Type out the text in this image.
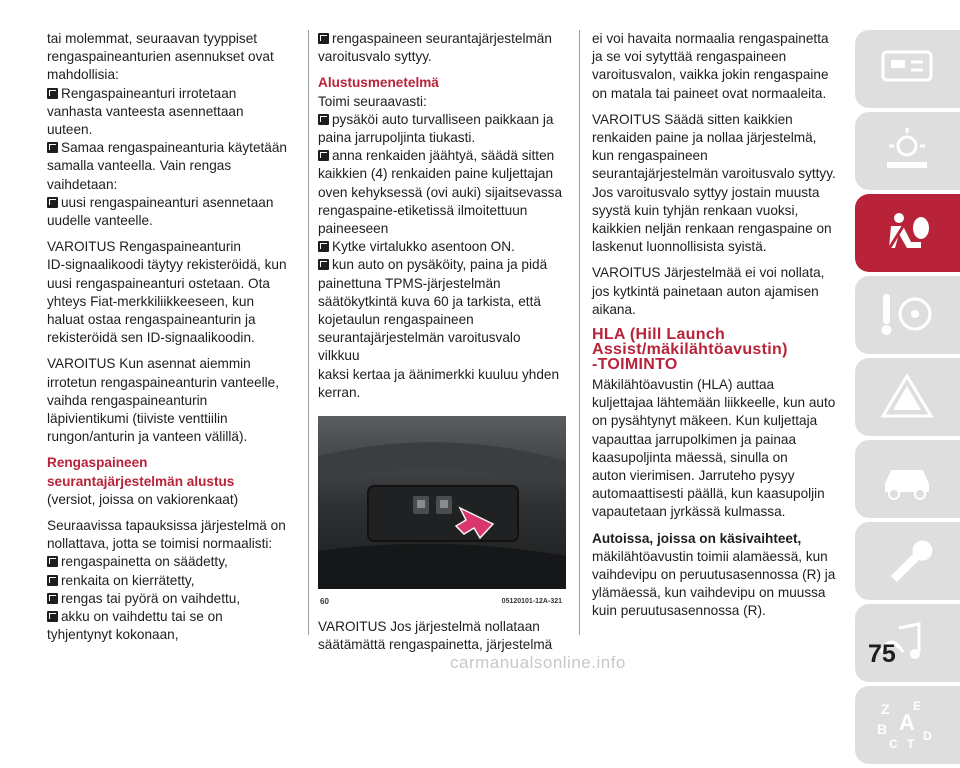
tai molemmat, seuraavan tyyppiset
rengaspaineanturien asennukset ovat
mahdollisia:

Rengaspaineanturi irrotetaan
vanhasta vanteesta asennettaan
uuteen.
Samaa rengaspaineanturia käytetään
samalla vanteella. Vain rengas
vaihdetaan:
uusi rengaspaineanturi asennetaan
uudelle vanteelle.

VAROITUS Rengaspaineanturin
ID-signaalikoodi täytyy rekisteröidä, kun
uusi rengaspaineanturi ostetaan. Ota
yhteys Fiat-merkkiliikkeeseen, kun
haluat ostaa rengaspaineanturin ja
rekisteröidä sen ID-signaalikoodin.

VAROITUS Kun asennat aiemmin
irrotetun rengaspaineanturin vanteelle,
vaihda rengaspaineanturin
läpivientikumi (tiiviste venttiilin
rungon/anturin ja vanteen välillä).

Rengaspaineen
seurantajärjestelmän alustus

(versiot, joissa on vakiorenkaat)

Seuraavissa tapauksissa järjestelmä on
nollattava, jotta se toimisi normaalisti:

rengaspainetta on säädetty,
renkaita on kierrätetty,
rengas tai pyörä on vaihdettu,
akku on vaihdettu tai se on
tyhjentynyt kokonaan,
rengaspaineen seurantajärjestelmän
varoitusvalo syttyy.
Alustusmenetelmä
Toimi seuraavasti:
pysäköi auto turvalliseen paikkaan ja
paina jarrupoljinta tiukasti.
anna renkaiden jäähtyä, säädä sitten
kaikkien (4) renkaiden paine kuljettajan
oven kehyksessä (ovi auki) sijaitsevassa
rengaspaine-etiketissä ilmoitettuun
paineeseen
Kytke virtalukko asentoon ON.
kun auto on pysäköity, paina ja pidä
painettuna TPMS-järjestelmän
säätökytkintä kuva 60 ja tarkista, että
kojetaulun rengaspaineen
seurantajärjestelmän varoitusvalo vilkkuu
kaksi kertaa ja äänimerkki kuuluu yhden
kerran.
60	05120101-12A-321

VAROITUS Jos järjestelmä nollataan
säätämättä rengaspainetta, järjestelmä

ei voi havaita normaalia rengaspainetta
ja se voi sytyttää rengaspaineen
varoitusvalon, vaikka jokin rengaspaine
on matala tai paineet ovat normaaleita.

VAROITUS Säädä sitten kaikkien
renkaiden paine ja nollaa järjestelmä,
kun rengaspaineen
seurantajärjestelmän varoitusvalo syttyy.
Jos varoitusvalo syttyy jostain muusta
syystä kuin tyhjän renkaan vuoksi,
kaikkien neljän renkaan rengaspaine on
laskenut luonnollisista syistä.

VAROITUS Järjestelmää ei voi nollata,
jos kytkintä painetaan auton ajamisen
aikana.

HLA (Hill Launch
Assist/mäkilähtöavustin)
-TOIMINTO

Mäkilähtöavustin (HLA) auttaa
kuljettajaa lähtemään liikkeelle, kun auto
on pysähtynyt mäkeen. Kun kuljettaja
vapauttaa jarrupolkimen ja painaa
kaasupoljinta mäessä, sinulla on
auton vierimisen. Jarruteho pysyy
automaattisesti päällä, kun kaasupoljin
vapautetaan jyrkässä kulmassa.

Autoissa, joissa on käsivaihteet,
mäkilähtöavustin toimii alamäessä, kun
vaihdevipu on peruutusasennossa (R) ja
ylämäessä, kun vaihdevipu on muussa
kuin peruutusasennossa (R).

Z E
B A
C T
D
75
carmanualsonline.info
